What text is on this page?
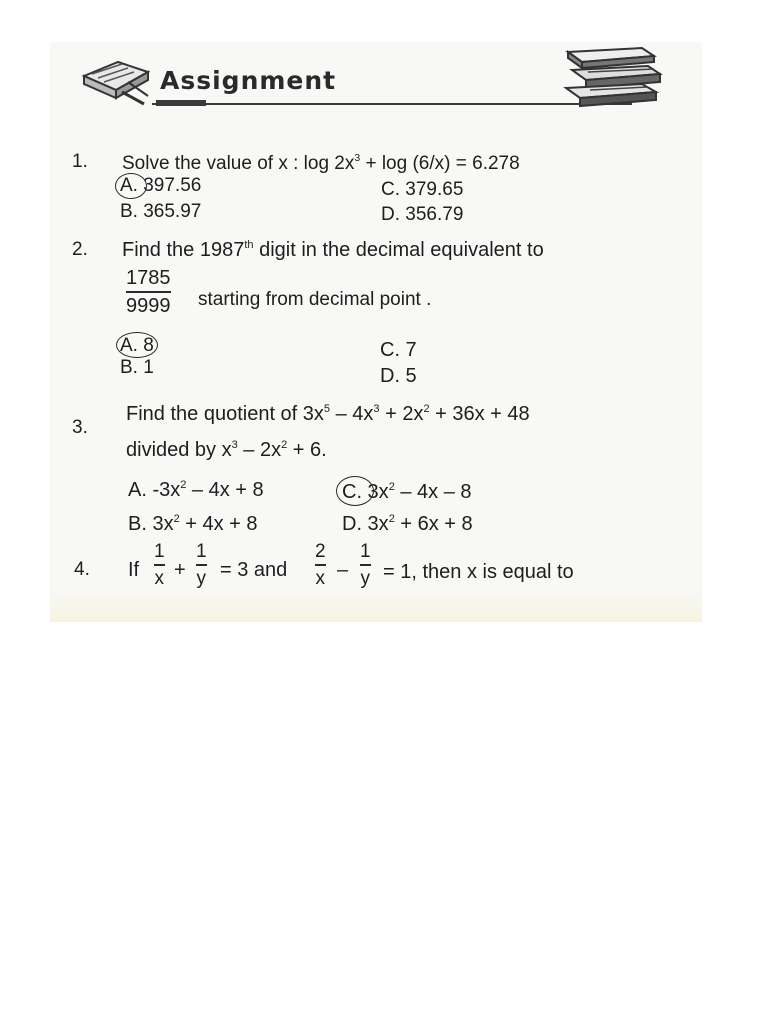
Assignment
1. Solve the value of x : $\log 2x^3 + \log (6/x) = 6.278$
A. 397.56
B. 365.97
C. 379.65
D. 356.79
2. Find the 1987th digit in the decimal equivalent to
1785
9999 starting from decimal point .
A. 8
B. 1
C. 7
D. 5
3.
Find the quotient of $3x^5 - 4x^3 + 2x^2 + 36x + 48$
divided by $x^3 - 2x^2 + 6$.
A. $-3x^2 - 4x + 8$	C. $3x^2 - 4x - 8$
B. $3x^2 + 4x + 8$	D. $3x^2 + 6x + 8$
4. If
1
x +
1
y = 3 and
2
x –
1
y = 1, then x is equal to
